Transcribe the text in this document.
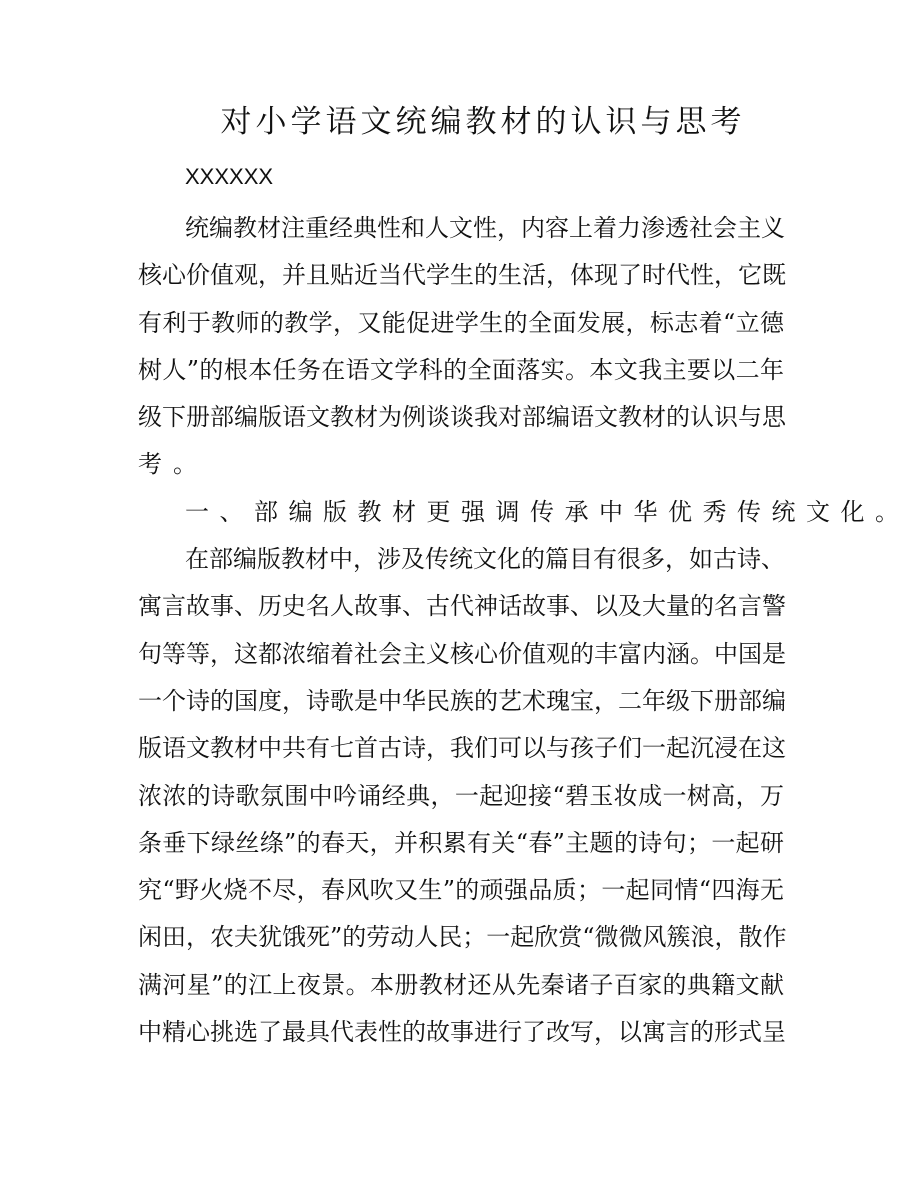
对小学语文统编教材的认识与思考
XXXXXX
统编教材注重经典性和人文性，内容上着力渗透社会主义
核心价值观，并且贴近当代学生的生活，体现了时代性，它既
有利于教师的教学，又能促进学生的全面发展，标志着“立德
树人”的根本任务在语文学科的全面落实。本文我主要以二年
级下册部编版语文教材为例谈谈我对部编语文教材的认识与思
考。
一、部编版教材更强调传承中华优秀传统文化。
在部编版教材中，涉及传统文化的篇目有很多，如古诗、
寓言故事、历史名人故事、古代神话故事、以及大量的名言警
句等等，这都浓缩着社会主义核心价值观的丰富内涵。中国是
一个诗的国度，诗歌是中华民族的艺术瑰宝，二年级下册部编
版语文教材中共有七首古诗，我们可以与孩子们一起沉浸在这
浓浓的诗歌氛围中吟诵经典，一起迎接“碧玉妆成一树高，万
条垂下绿丝绦”的春天，并积累有关“春”主题的诗句；一起研
究“野火烧不尽，春风吹又生”的顽强品质；一起同情“四海无
闲田，农夫犹饿死”的劳动人民；一起欣赏“微微风簇浪，散作
满河星”的江上夜景。本册教材还从先秦诸子百家的典籍文献
中精心挑选了最具代表性的故事进行了改写，以寓言的形式呈
